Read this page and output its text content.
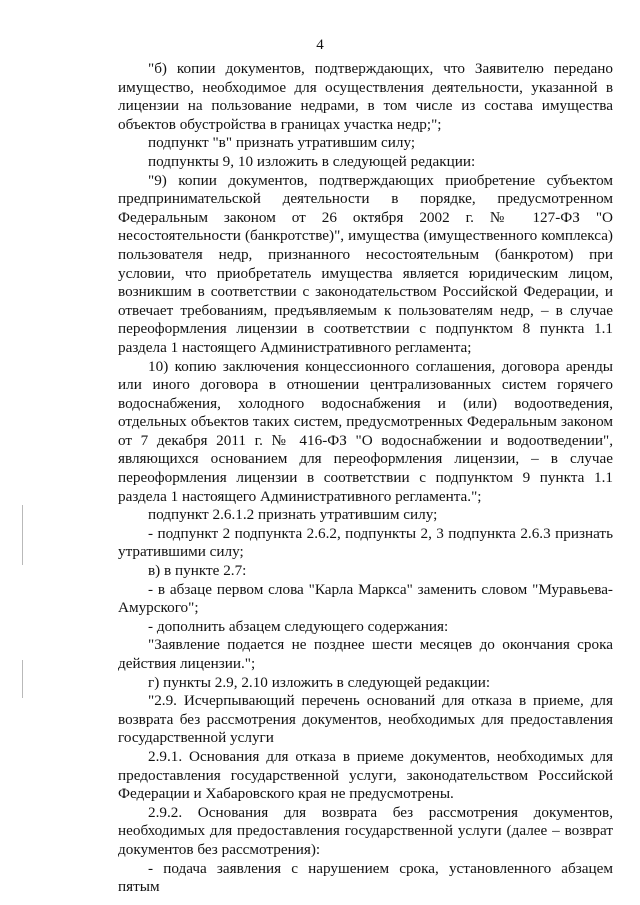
4

"б) копии документов, подтверждающих, что Заявителю передано имущество, необходимое для осуществления деятельности, указанной в лицензии на пользование недрами, в том числе из состава имущества объектов обустройства в границах участка недр;";

подпункт "в" признать утратившим силу;

подпункты 9, 10 изложить в следующей редакции:

"9) копии документов, подтверждающих приобретение субъектом предпринимательской деятельности в порядке, предусмотренном Федеральным законом от 26 октября 2002 г. № 127-ФЗ "О несостоятельности (банкротстве)", имущества (имущественного комплекса) пользователя недр, признанного несостоятельным (банкротом) при условии, что приобретатель имущества является юридическим лицом, возникшим в соответствии с законодательством Российской Федерации, и отвечает требованиям, предъявляемым к пользователям недр, – в случае переоформления лицензии в соответствии с подпунктом 8 пункта 1.1 раздела 1 настоящего Административного регламента;

10) копию заключения концессионного соглашения, договора аренды или иного договора в отношении централизованных систем горячего водоснабжения, холодного водоснабжения и (или) водоотведения, отдельных объектов таких систем, предусмотренных Федеральным законом от 7 декабря 2011 г. № 416-ФЗ "О водоснабжении и водоотведении", являющихся основанием для переоформления лицензии, – в случае переоформления лицензии в соответствии с подпунктом 9 пункта 1.1 раздела 1 настоящего Административного регламента.";

подпункт 2.6.1.2 признать утратившим силу;

- подпункт 2 подпункта 2.6.2, подпункты 2, 3 подпункта 2.6.3 признать утратившими силу;

в) в пункте 2.7:

- в абзаце первом слова "Карла Маркса" заменить словом "Муравьева-Амурского";

- дополнить абзацем следующего содержания:

"Заявление подается не позднее шести месяцев до окончания срока действия лицензии.";

г) пункты 2.9, 2.10 изложить в следующей редакции:

"2.9. Исчерпывающий перечень оснований для отказа в приеме, для возврата без рассмотрения документов, необходимых для предоставления государственной услуги

2.9.1. Основания для отказа в приеме документов, необходимых для предоставления государственной услуги, законодательством Российской Федерации и Хабаровского края не предусмотрены.

2.9.2. Основания для возврата без рассмотрения документов, необходимых для предоставления государственной услуги (далее – возврат документов без рассмотрения):

- подача заявления с нарушением срока, установленного абзацем пятым
